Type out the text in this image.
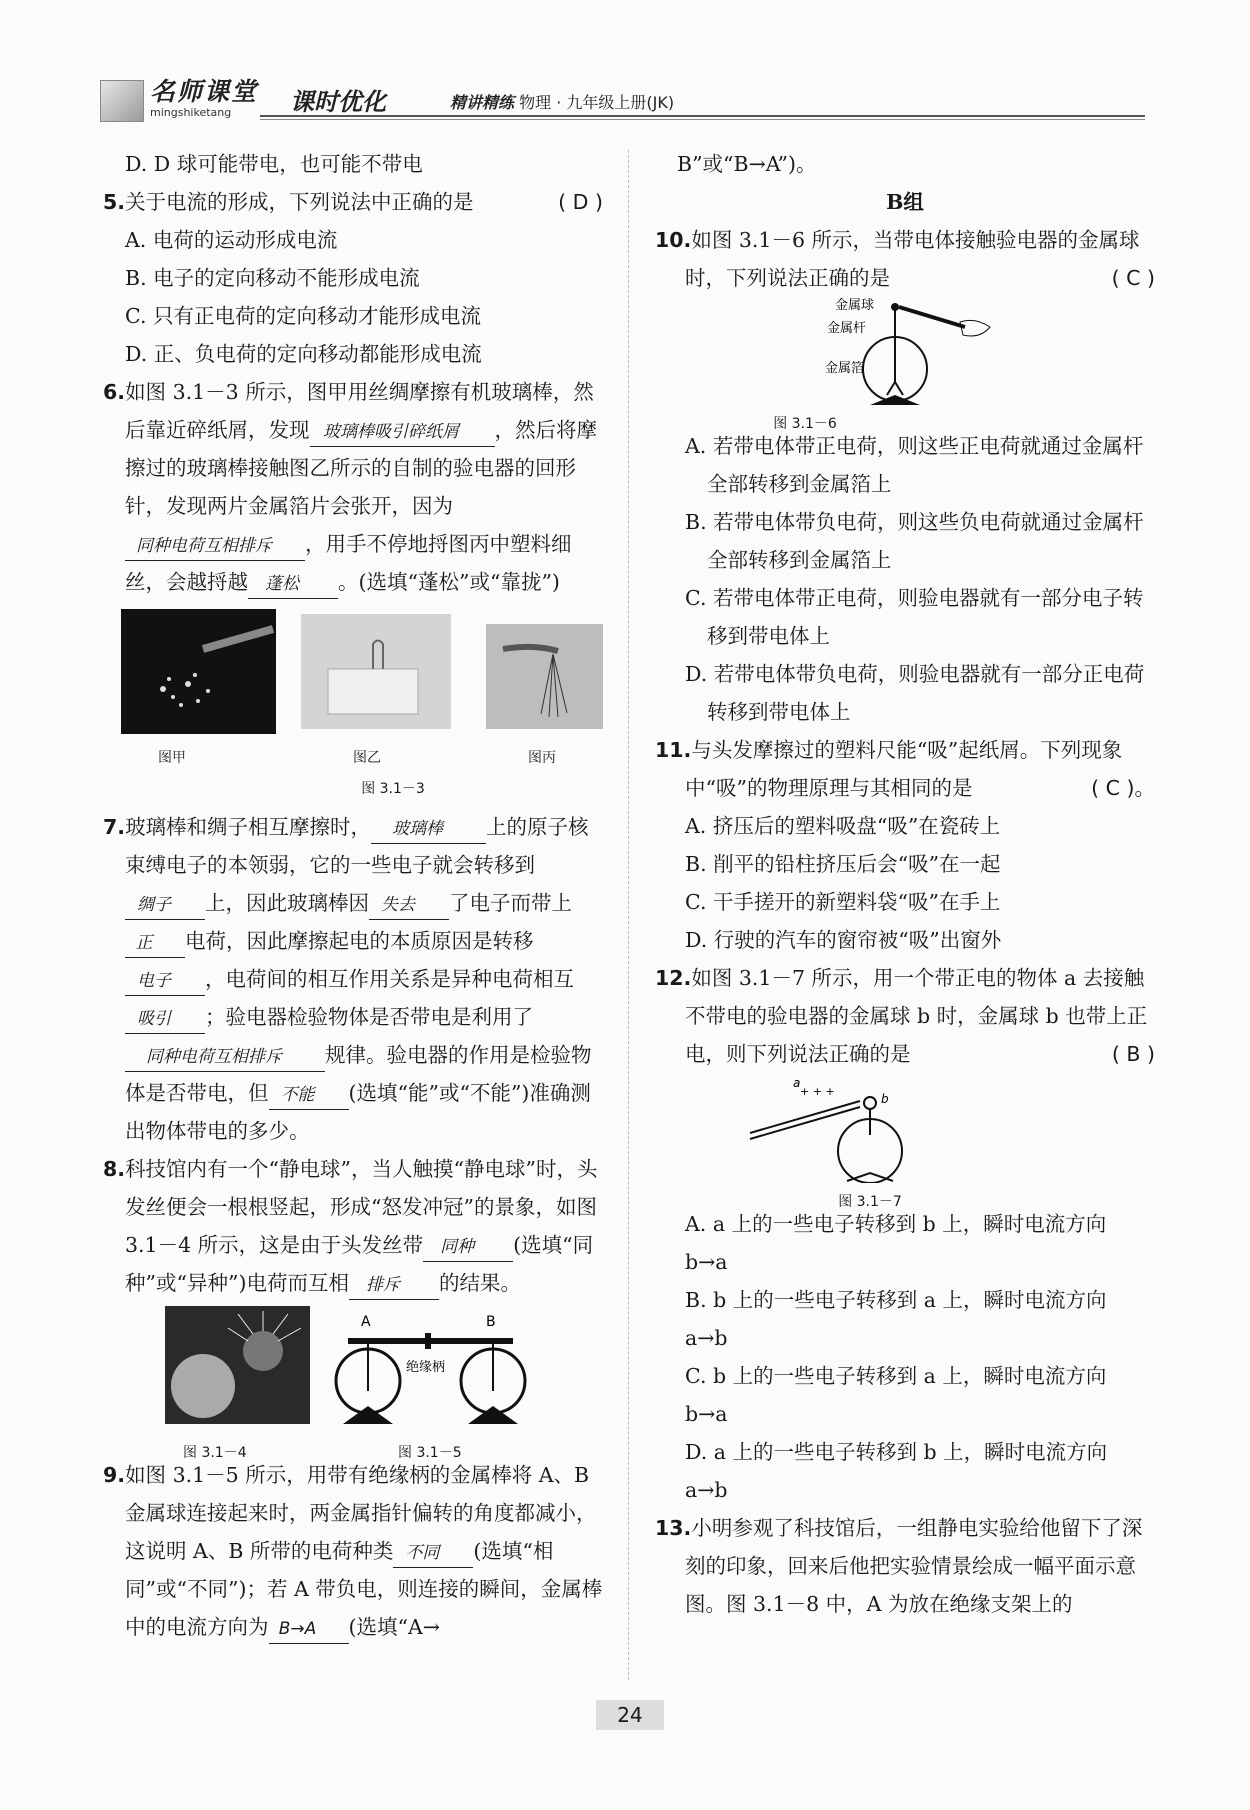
名师课堂
mingshiketang 课时优化	精讲精练 物理 · 九年级上册(JK)

D. D 球可能带电，也可能不带电

5.关于电流的形成，下列说法中正确的是	( D )

A. 电荷的运动形成电流

B. 电子的定向移动不能形成电流

C. 只有正电荷的定向移动才能形成电流

D. 正、负电荷的定向移动都能形成电流

6.如图 3.1－3 所示，图甲用丝绸摩擦有机玻璃棒，然后靠近碎纸屑，发现 玻璃棒吸引碎纸屑 ，然后将摩擦过的玻璃棒接触图乙所示的自制的验电器的回形针，发现两片金属箔片会张开，因为同种电荷互相排斥 ，用手不停地捋图丙中塑料细丝，会越捋越 蓬松 。(选填“蓬松”或“靠拢”)

图甲	图乙	图丙
图 3.1－3

7.玻璃棒和绸子相互摩擦时， 玻璃棒 上的原子核束缚电子的本领弱，它的一些电子就会转移到绸子 上，因此玻璃棒因 失去 了电子而带上正 电荷，因此摩擦起电的本质原因是转移电子 ，电荷间的相互作用关系是异种电荷相互吸引 ；验电器检验物体是否带电是利用了同种电荷互相排斥 规律。验电器的作用是检验物体是否带电，但 不能 (选填“能”或“不能”)准确测出物体带电的多少。

8.科技馆内有一个“静电球”，当人触摸“静电球”时，头发丝便会一根根竖起，形成“怒发冲冠”的景象，如图 3.1－4 所示，这是由于头发丝带 同种 (选填“同种”或“异种”)电荷而互相 排斥 的结果。

A	B
绝缘柄
图 3.1－4	图 3.1－5

9.如图 3.1－5 所示，用带有绝缘柄的金属棒将 A、B 金属球连接起来时，两金属指针偏转的角度都减小，这说明 A、B 所带的电荷种类 不同 (选填“相同”或“不同”)；若 A 带负电，则连接的瞬间，金属棒中的电流方向为 B→A (选填“A→

B”或“B→A”)。

B组

10.如图 3.1－6 所示，当带电体接触验电器的金属球时，下列说法正确的是	( C )

金属球
金属杆
金属箔
图 3.1－6

A. 若带电体带正电荷，则这些正电荷就通过金属杆全部转移到金属箔上

B. 若带电体带负电荷，则这些负电荷就通过金属杆全部转移到金属箔上

C. 若带电体带正电荷，则验电器就有一部分电子转移到带电体上

D. 若带电体带负电荷，则验电器就有一部分正电荷转移到带电体上

11.与头发摩擦过的塑料尺能“吸”起纸屑。下列现象中“吸”的物理原理与其相同的是	( C )。

A. 挤压后的塑料吸盘“吸”在瓷砖上

B. 削平的铅柱挤压后会“吸”在一起

C. 干手搓开的新塑料袋“吸”在手上

D. 行驶的汽车的窗帘被“吸”出窗外

12.如图 3.1－7 所示，用一个带正电的物体 a 去接触不带电的验电器的金属球 b 时，金属球 b 也带上正电，则下列说法正确的是	( B )

+ + +
a
b
图 3.1－7

A. a 上的一些电子转移到 b 上，瞬时电流方向 b→a

B. b 上的一些电子转移到 a 上，瞬时电流方向 a→b

C. b 上的一些电子转移到 a 上，瞬时电流方向 b→a

D. a 上的一些电子转移到 b 上，瞬时电流方向 a→b

13.小明参观了科技馆后，一组静电实验给他留下了深刻的印象，回来后他把实验情景绘成一幅平面示意图。图 3.1－8 中，A 为放在绝缘支架上的

24
